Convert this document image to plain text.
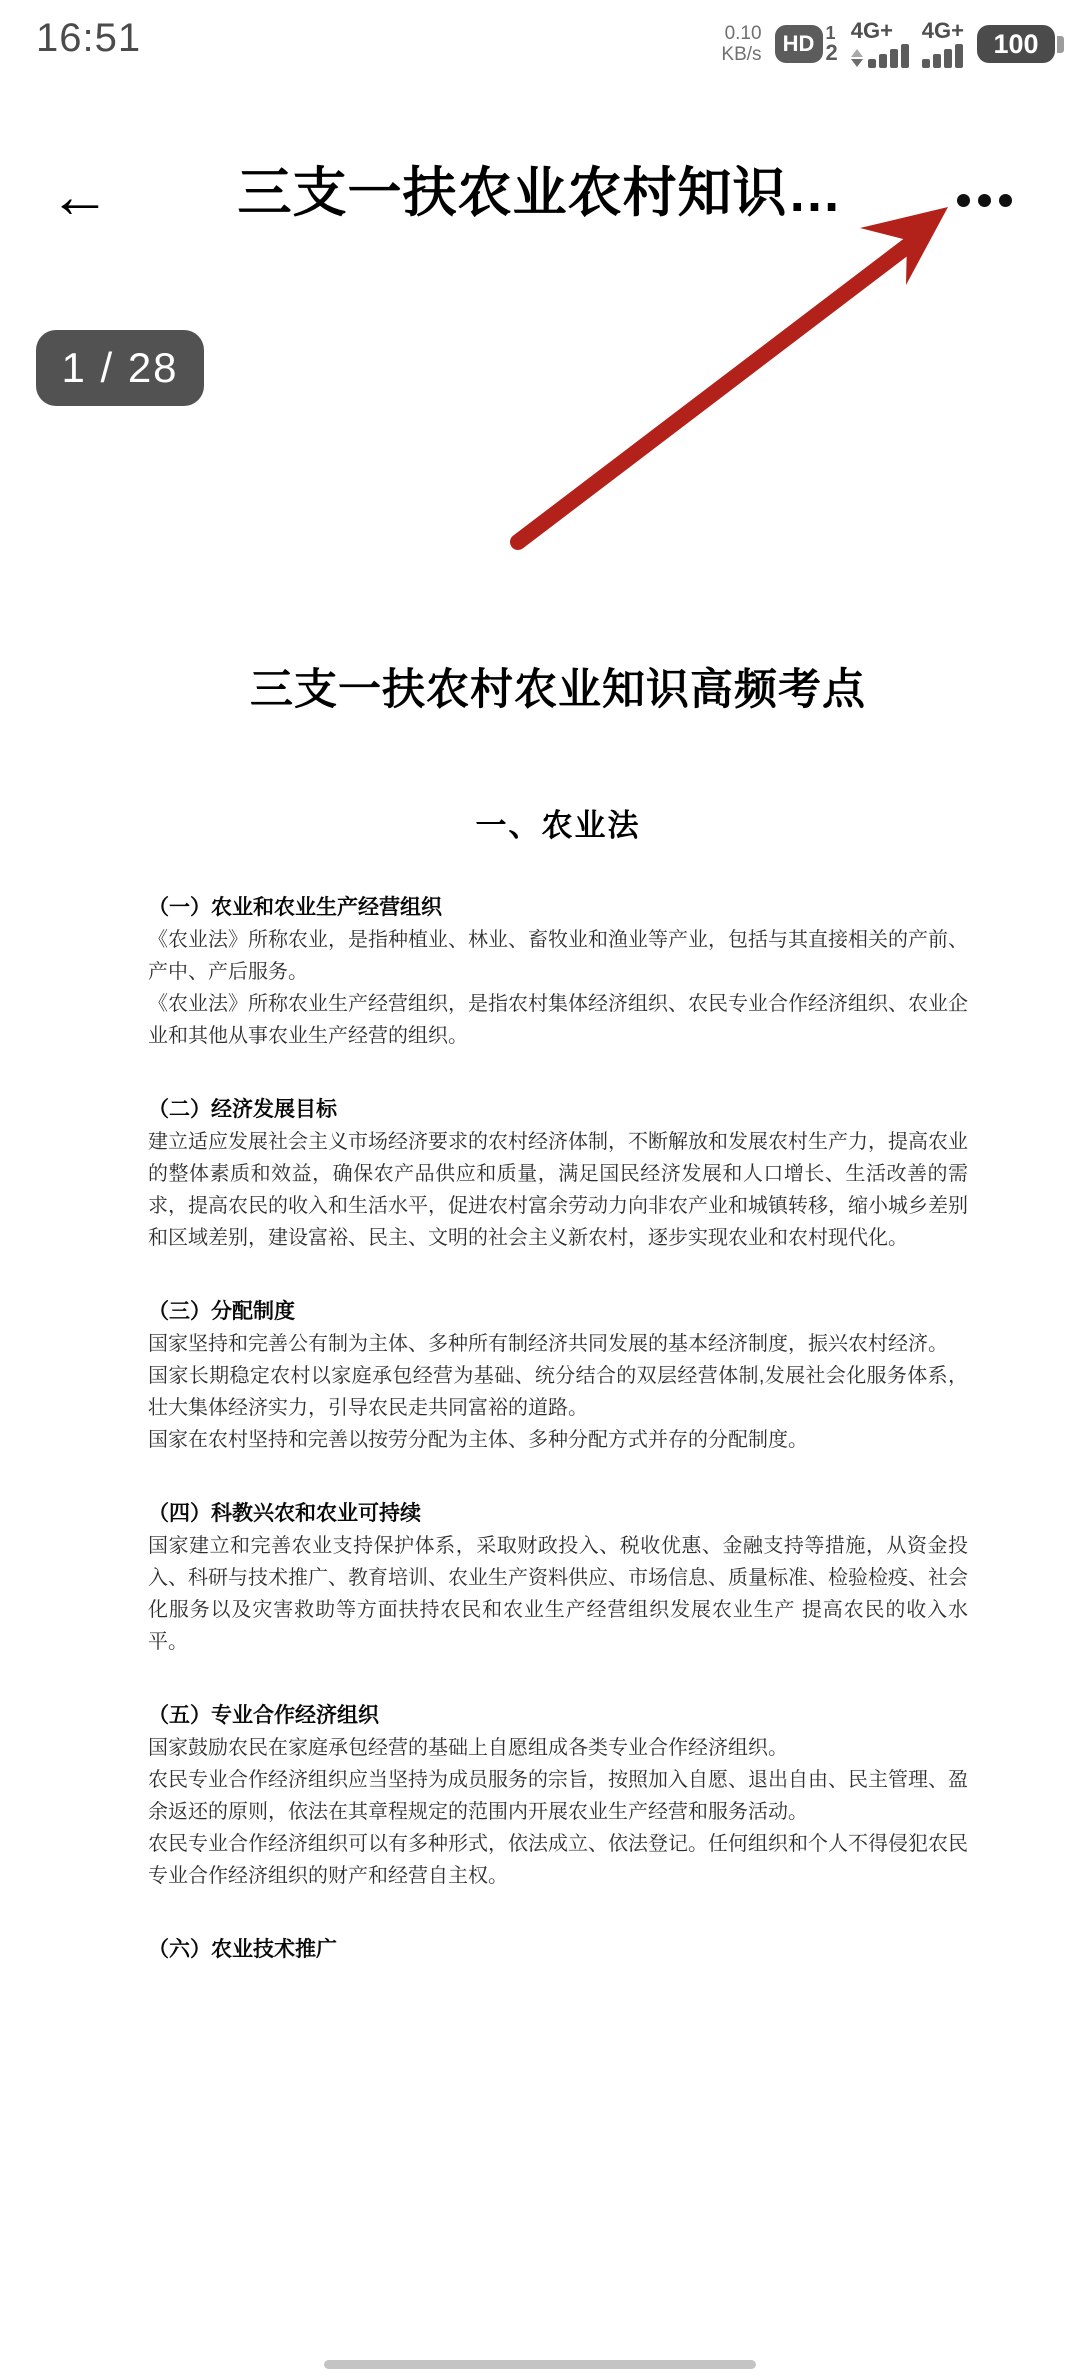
16:51	0.10
KB/s HD 1
2
4G+ 4G+	100
←	三支一扶农业农村知识…
1 / 28
三支一扶农村农业知识高频考点
一、农业法
（一）农业和农业生产经营组织

《农业法》所称农业，是指种植业、林业、畜牧业和渔业等产业，包括与其直接相关的产前、产中、产后服务。

《农业法》所称农业生产经营组织，是指农村集体经济组织、农民专业合作经济组织、农业企业和其他从事农业生产经营的组织。

（二）经济发展目标

建立适应发展社会主义市场经济要求的农村经济体制，不断解放和发展农村生产力，提高农业的整体素质和效益，确保农产品供应和质量，满足国民经济发展和人口增长、生活改善的需求，提高农民的收入和生活水平，促进农村富余劳动力向非农产业和城镇转移，缩小城乡差别和区域差别，建设富裕、民主、文明的社会主义新农村，逐步实现农业和农村现代化。

（三）分配制度

国家坚持和完善公有制为主体、多种所有制经济共同发展的基本经济制度，振兴农村经济。

国家长期稳定农村以家庭承包经营为基础、统分结合的双层经营体制,发展社会化服务体系，壮大集体经济实力，引导农民走共同富裕的道路。

国家在农村坚持和完善以按劳分配为主体、多种分配方式并存的分配制度。

（四）科教兴农和农业可持续

国家建立和完善农业支持保护体系，采取财政投入、税收优惠、金融支持等措施，从资金投入、科研与技术推广、教育培训、农业生产资料供应、市场信息、质量标准、检验检疫、社会化服务以及灾害救助等方面扶持农民和农业生产经营组织发展农业生产 提高农民的收入水平。

（五）专业合作经济组织

国家鼓励农民在家庭承包经营的基础上自愿组成各类专业合作经济组织。

农民专业合作经济组织应当坚持为成员服务的宗旨，按照加入自愿、退出自由、民主管理、盈余返还的原则，依法在其章程规定的范围内开展农业生产经营和服务活动。

农民专业合作经济组织可以有多种形式，依法成立、依法登记。任何组织和个人不得侵犯农民专业合作经济组织的财产和经营自主权。

（六）农业技术推广
